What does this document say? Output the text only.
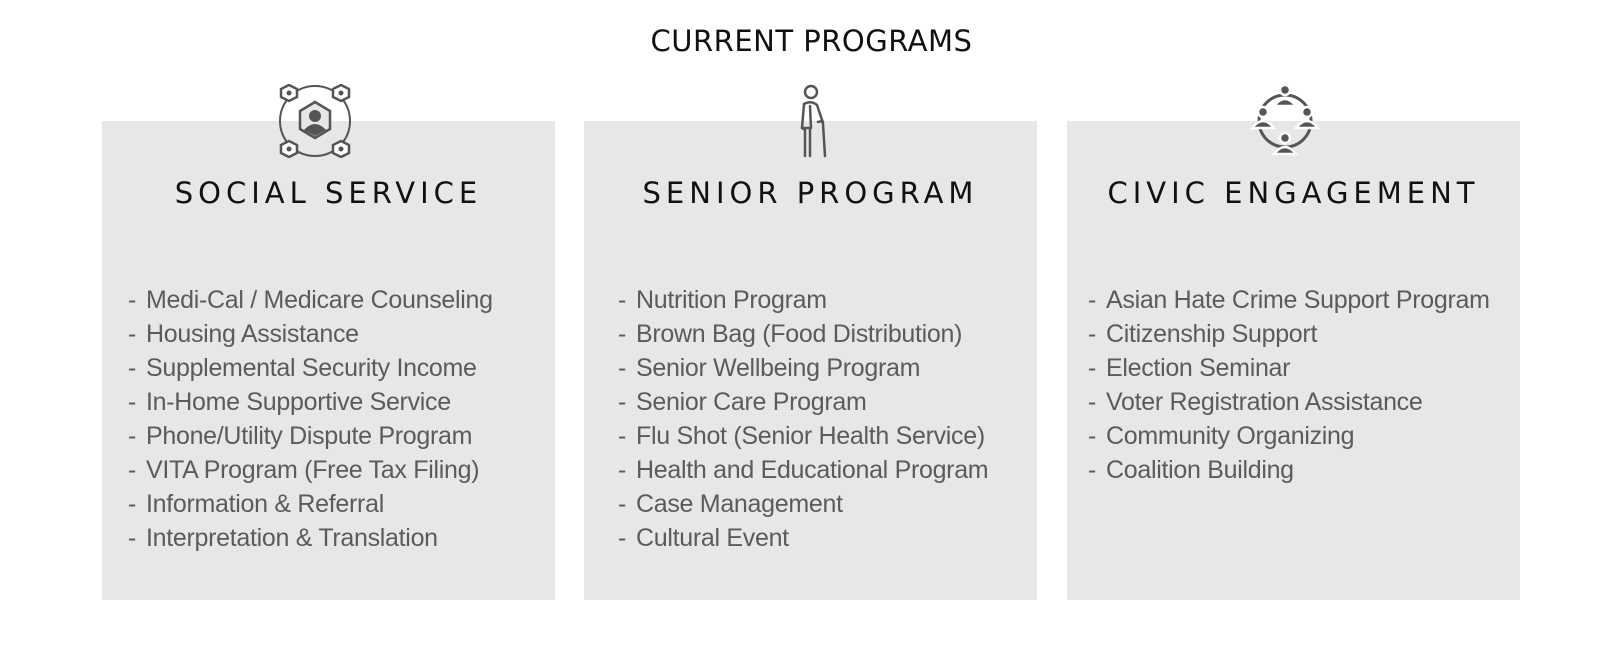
CURRENT PROGRAMS
SOCIAL SERVICE
- Medi-Cal / Medicare Counseling
- Housing Assistance
- Supplemental Security Income
- In-Home Supportive Service
- Phone/Utility Dispute Program
- VITA Program (Free Tax Filing)
- Information & Referral
- Interpretation & Translation
SENIOR PROGRAM
- Nutrition Program
- Brown Bag (Food Distribution)
- Senior Wellbeing Program
- Senior Care Program
- Flu Shot (Senior Health Service)
- Health and Educational Program
- Case Management
- Cultural Event
CIVIC ENGAGEMENT
- Asian Hate Crime Support Program
- Citizenship Support
- Election Seminar
- Voter Registration Assistance
- Community Organizing
- Coalition Building
